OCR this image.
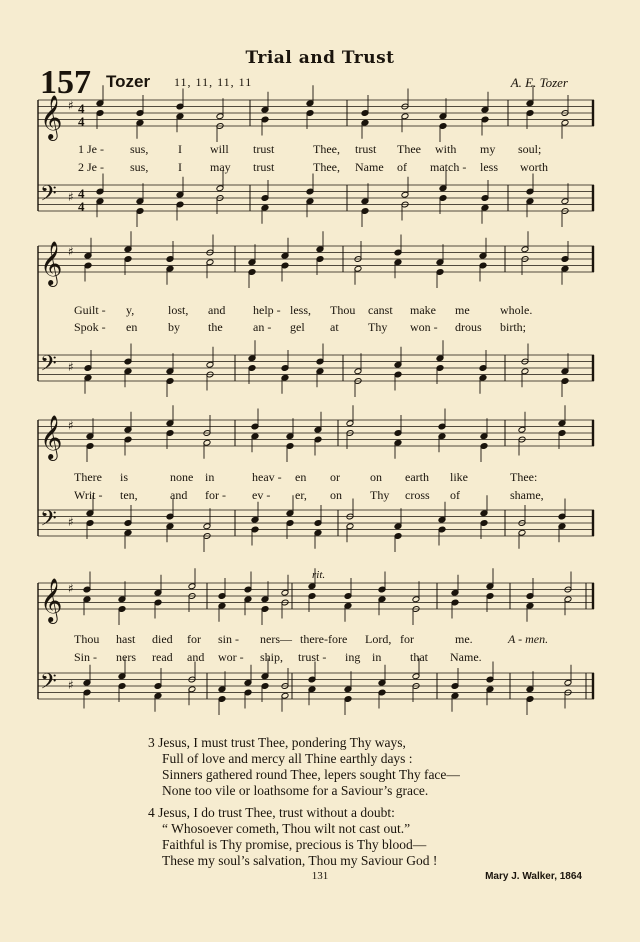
Trial and Trust
157 Tozer 11, 11, 11, 11	A. E. Tozer
𝄞 ♯ 4
4
𝄢 ♯ 4
4
𝄞 ♯
𝄢 ♯
𝄞 ♯
𝄢 ♯
𝄞 ♯
𝄢 ♯
1 Je - sus, I will trust	Thee, trust Thee with my soul;
2 Je - sus, I may trust	Thee, Name of match - less worth
Guilt - y,	lost, and help - less, Thou canst make me	whole.
Spok - en	by the	an - gel at Thy won - drous birth;
There is	none in	heav - en or	on earth like	Thee:
Writ - ten,	and for - ev - er, on Thy cross of	shame,
Thou hast died for sin - ners— there-fore Lord, for	me.
Sin - ners read and wor - ship, trust - ing in that Name.
rit.
A - men.
3 Jesus, I must trust Thee, pondering Thy ways,
Full of love and mercy all Thine earthly days :
Sinners gathered round Thee, lepers sought Thy face—
None too vile or loathsome for a Saviour’s grace.
4 Jesus, I do trust Thee, trust without a doubt:
“ Whosoever cometh, Thou wilt not cast out.”
Faithful is Thy promise, precious is Thy blood—
These my soul’s salvation, Thou my Saviour God !
131	Mary J. Walker, 1864
